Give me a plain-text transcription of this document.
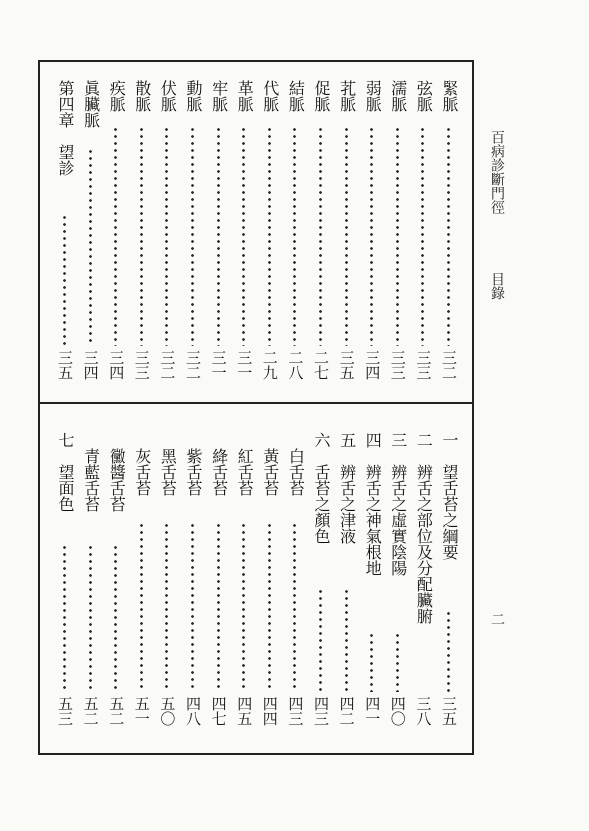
百病診斷門徑
目錄
二
緊脈
三二
弦脈
三三
濡脈
三三
弱脈
三四
芤脈
三五
促脈
二七
結脈
二八
代脈
二九
革脈
三一
牢脈
三一
動脈
三二
伏脈
三二
散脈
三三
疾脈
三四
眞臟脈
三四
第四章　望診
三五
一　望舌苔之綱要
三五
二　辨舌之部位及分配臟腑
三八
三　辨舌之虛實陰陽
四〇
四　辨舌之神氣根地
四一
五　辨舌之津液
四二
六　舌苔之顏色
四三
　白舌苔
四三
　黃舌苔
四四
　紅舌苔
四五
　絳舌苔
四七
　紫舌苔
四八
　黑舌苔
五〇
　灰舌苔
五一
　黴醬舌苔
五二
　青藍舌苔
五二
七　望面色
五三
